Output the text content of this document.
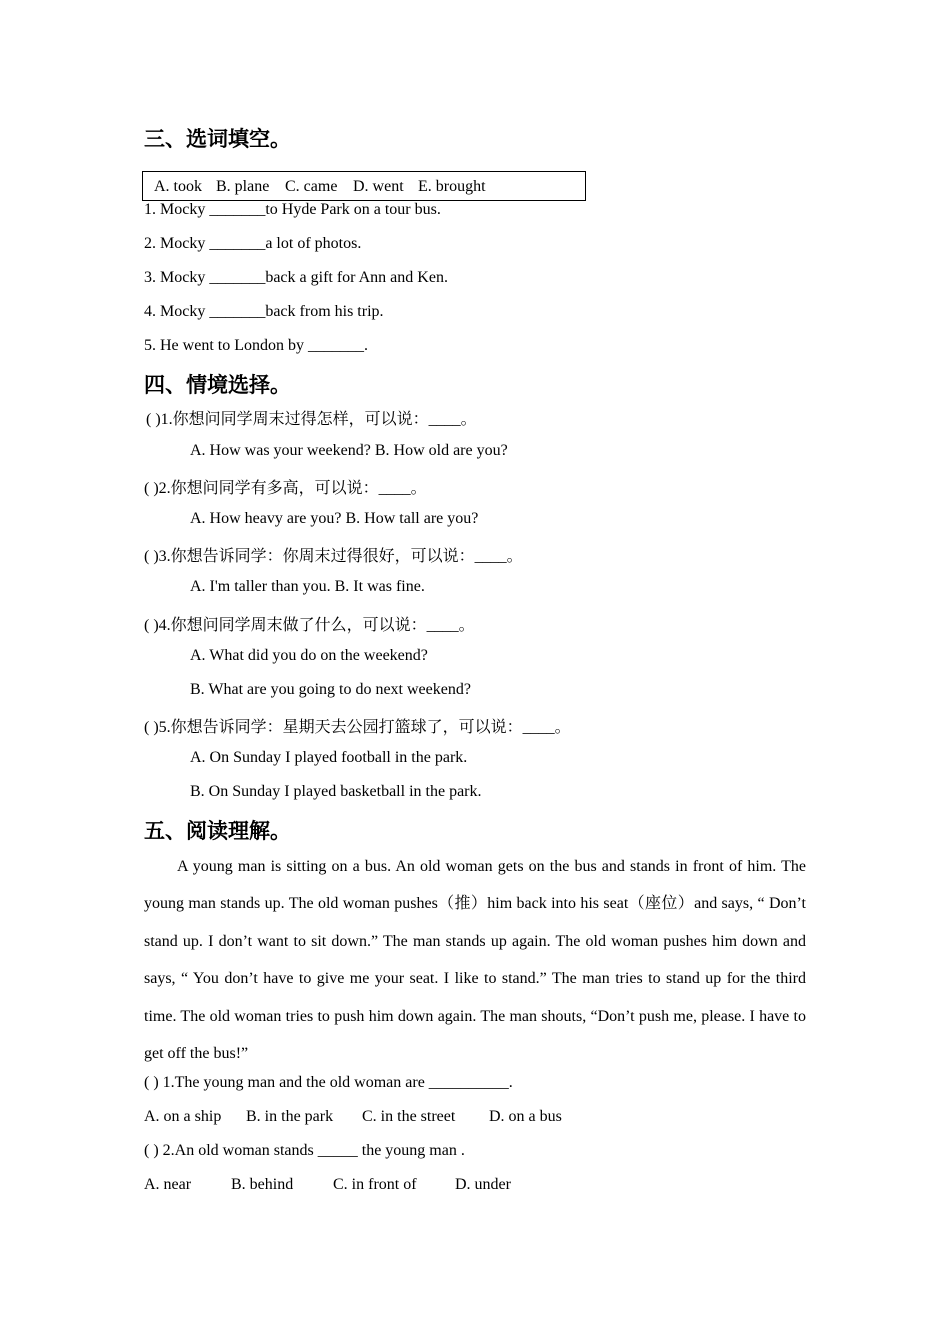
三、选词填空。
A. took B. plane C. came D. went E. brought
1. Mocky _______to Hyde Park on a tour bus.
2. Mocky _______a lot of photos.
3. Mocky _______back a gift for Ann and Ken.
4. Mocky _______back from his trip.
5. He went to London by _______.
四、情境选择。
( )1.你想问同学周末过得怎样，可以说：____。
A. How was your weekend? B. How old are you?
( )2.你想问同学有多高，可以说：____。
A. How heavy are you? B. How tall are you?
( )3.你想告诉同学：你周末过得很好，可以说：____。
A. I'm taller than you. B. It was fine.
( )4.你想问同学周末做了什么，可以说：____。
A. What did you do on the weekend?
B. What are you going to do next weekend?
( )5.你想告诉同学：星期天去公园打篮球了，可以说：____。
A. On Sunday I played football in the park.
B. On Sunday I played basketball in the park.
五、阅读理解。
A young man is sitting on a bus. An old woman gets on the bus and stands in front of him. The young man stands up. The old woman pushes（推）him back into his seat（座位）and says, “ Don’t stand up. I don’t want to sit down.” The man stands up again. The old woman pushes him down and says, “ You don’t have to give me your seat. I like to stand.” The man tries to stand up for the third time. The old woman tries to push him down again. The man shouts, “Don’t push me, please. I have to get off the bus!”
( ) 1.The young man and the old woman are __________.
A. on a ship B. in the park C. in the street D. on a bus
( ) 2.An old woman stands _____ the young man .
A. near B. behind C. in front of D. under
